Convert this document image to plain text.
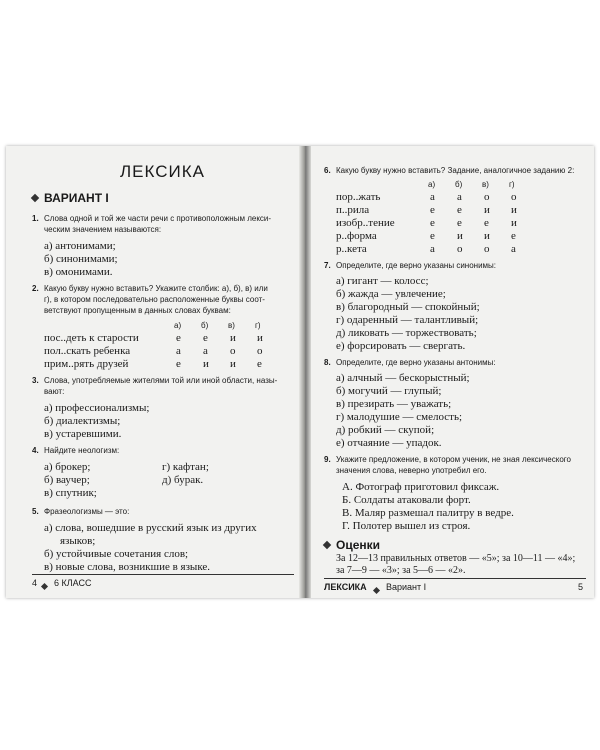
ЛЕКСИКА
ВАРИАНТ I
1. Слова одной и той же части речи с противоположным лекси-
ческим значением называются:
а) антонимами;
б) синонимами;
в) омонимами.
2. Какую букву нужно вставить? Укажите столбик: а), б), в) или
г), в котором последовательно расположенные буквы соот-
ветствуют пропущенным в данных словах буквам:
а) б) в)	г)
пос..деть к старости	е е и и
пол..скать ребенка	а а о о
прим..рять друзей	е и и е
3. Слова, употребляемые жителями той или иной области, назы-
вают:
а) профессионализмы;
б) диалектизмы;
в) устаревшими.
4. Найдите неологизм:
а) брокер;
б) ваучер;
в) спутник;
г) кафтан;
д) бурак.
5. Фразеологизмы — это:
а) слова, вошедшие в русский язык из других
языков;
б) устойчивые сочетания слов;
в) новые слова, возникшие в языке.
4 6 КЛАСС
6. Какую букву нужно вставить? Задание, аналогичное заданию 2:
а) б) в)	г)
пор..жать	а а о о
п..рила	е е и и
изобр..тение	е е е и
р..форма	е и и е
р..кета	а о о а
7. Определите, где верно указаны синонимы:
а) гигант — колосс;
б) жажда — увлечение;
в) благородный — спокойный;
г) одаренный — талантливый;
д) ликовать — торжествовать;
е) форсировать — свергать.
8. Определите, где верно указаны антонимы:
а) алчный — бескорыстный;
б) могучий — глупый;
в) презирать — уважать;
г) малодушие — смелость;
д) робкий — скупой;
е) отчаяние — упадок.
9. Укажите предложение, в котором ученик, не зная лексического
значения слова, неверно употребил его.
А. Фотограф приготовил фиксаж.
Б. Солдаты атаковали форт.
В. Маляр размешал палитру в ведре.
Г. Полотер вышел из строя.
Оценки
За 12—13 правильных ответов — «5»; за 10—11 — «4»;
за 7—9 — «3»; за 5—6 — «2».
ЛЕКСИКА Вариант I	5
